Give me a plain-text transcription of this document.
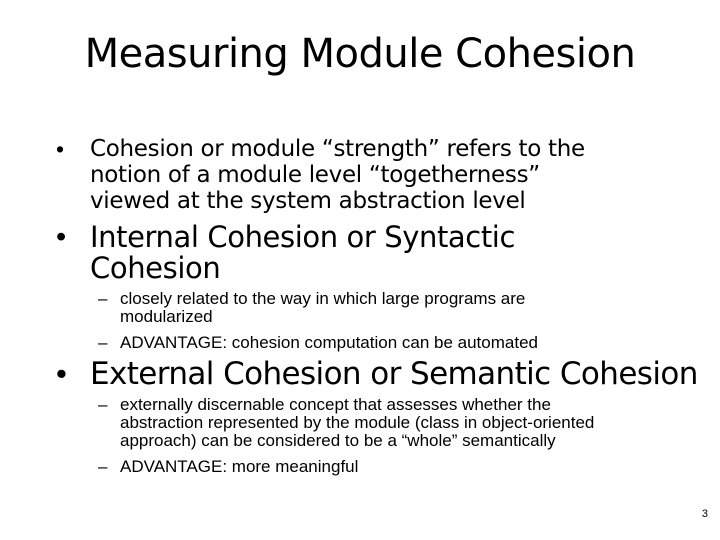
Measuring Module Cohesion
• Cohesion or module “strength” refers to the
notion of a module level “togetherness”
viewed at the system abstraction level
• Internal Cohesion or Syntactic
Cohesion
– closely related to the way in which large programs are
modularized
– ADVANTAGE: cohesion computation can be automated
• External Cohesion or Semantic Cohesion
– externally discernable concept that assesses whether the
abstraction represented by the module (class in object-oriented
approach) can be considered to be a “whole” semantically
– ADVANTAGE: more meaningful
3
